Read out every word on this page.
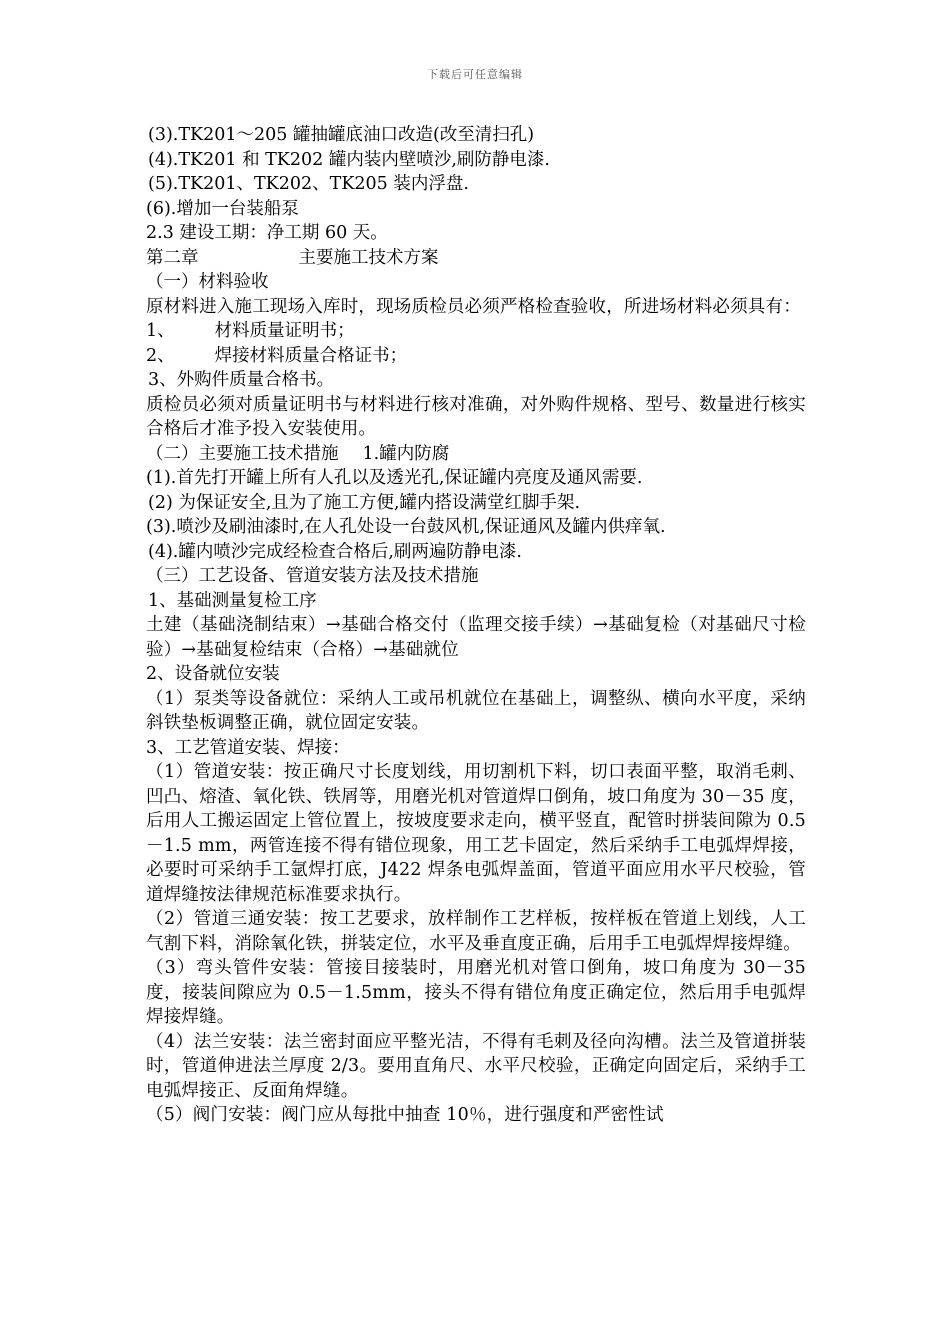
下载后可任意编辑

(3).TK201～205 罐抽罐底油口改造(改至清扫孔)

(4).TK201 和 TK202 罐内装内壁喷沙,刷防静电漆.

(5).TK201、TK202、TK205 装内浮盘.

(6).增加一台装船泵

2.3 建设工期：净工期 60 天。

第二章	主要施工技术方案

（一）材料验收

原材料进入施工现场入库时，现场质检员必须严格检查验收，所进场材料必须具有：

1、 材料质量证明书；

2、 焊接材料质量合格证书；

3、外购件质量合格书。

质检员必须对质量证明书与材料进行核对准确，对外购件规格、型号、数量进行核实合格后才准予投入安装使用。

（二）主要施工技术措施 1.罐内防腐

(1).首先打开罐上所有人孔以及透光孔,保证罐内亮度及通风需要.

(2) 为保证安全,且为了施工方便,罐内搭设满堂红脚手架.

(3).喷沙及刷油漆时,在人孔处设一台鼓风机,保证通风及罐内供痒氧.

(4).罐内喷沙完成经检查合格后,刷两遍防静电漆.

（三）工艺设备、管道安装方法及技术措施

1、基础测量复检工序

土建（基础浇制结束）→基础合格交付（监理交接手续）→基础复检（对基础尺寸检验）→基础复检结束（合格）→基础就位

2、设备就位安装

（1）泵类等设备就位：采纳人工或吊机就位在基础上，调整纵、横向水平度，采纳斜铁垫板调整正确，就位固定安装。

3、工艺管道安装、焊接：

（1）管道安装：按正确尺寸长度划线，用切割机下料，切口表面平整，取消毛刺、凹凸、熔渣、氧化铁、铁屑等，用磨光机对管道焊口倒角，坡口角度为 30－35 度，后用人工搬运固定上管位置上，按坡度要求走向，横平竖直，配管时拼装间隙为 0.5－1.5 mm，两管连接不得有错位现象，用工艺卡固定，然后采纳手工电弧焊焊接，必要时可采纳手工氩焊打底，J422 焊条电弧焊盖面，管道平面应用水平尺校验，管道焊缝按法律规范标准要求执行。

（2）管道三通安装：按工艺要求，放样制作工艺样板，按样板在管道上划线，人工气割下料，消除氧化铁，拼装定位，水平及垂直度正确，后用手工电弧焊焊接焊缝。

（3）弯头管件安装：管接目接装时，用磨光机对管口倒角，坡口角度为 30－35 度，接装间隙应为 0.5－1.5mm，接头不得有错位角度正确定位，然后用手电弧焊焊接焊缝。

（4）法兰安装：法兰密封面应平整光洁，不得有毛刺及径向沟槽。法兰及管道拼装时，管道伸进法兰厚度 2/3。要用直角尺、水平尺校验，正确定向固定后，采纳手工电弧焊接正、反面角焊缝。

（5）阀门安装：阀门应从每批中抽查 10％，进行强度和严密性试
